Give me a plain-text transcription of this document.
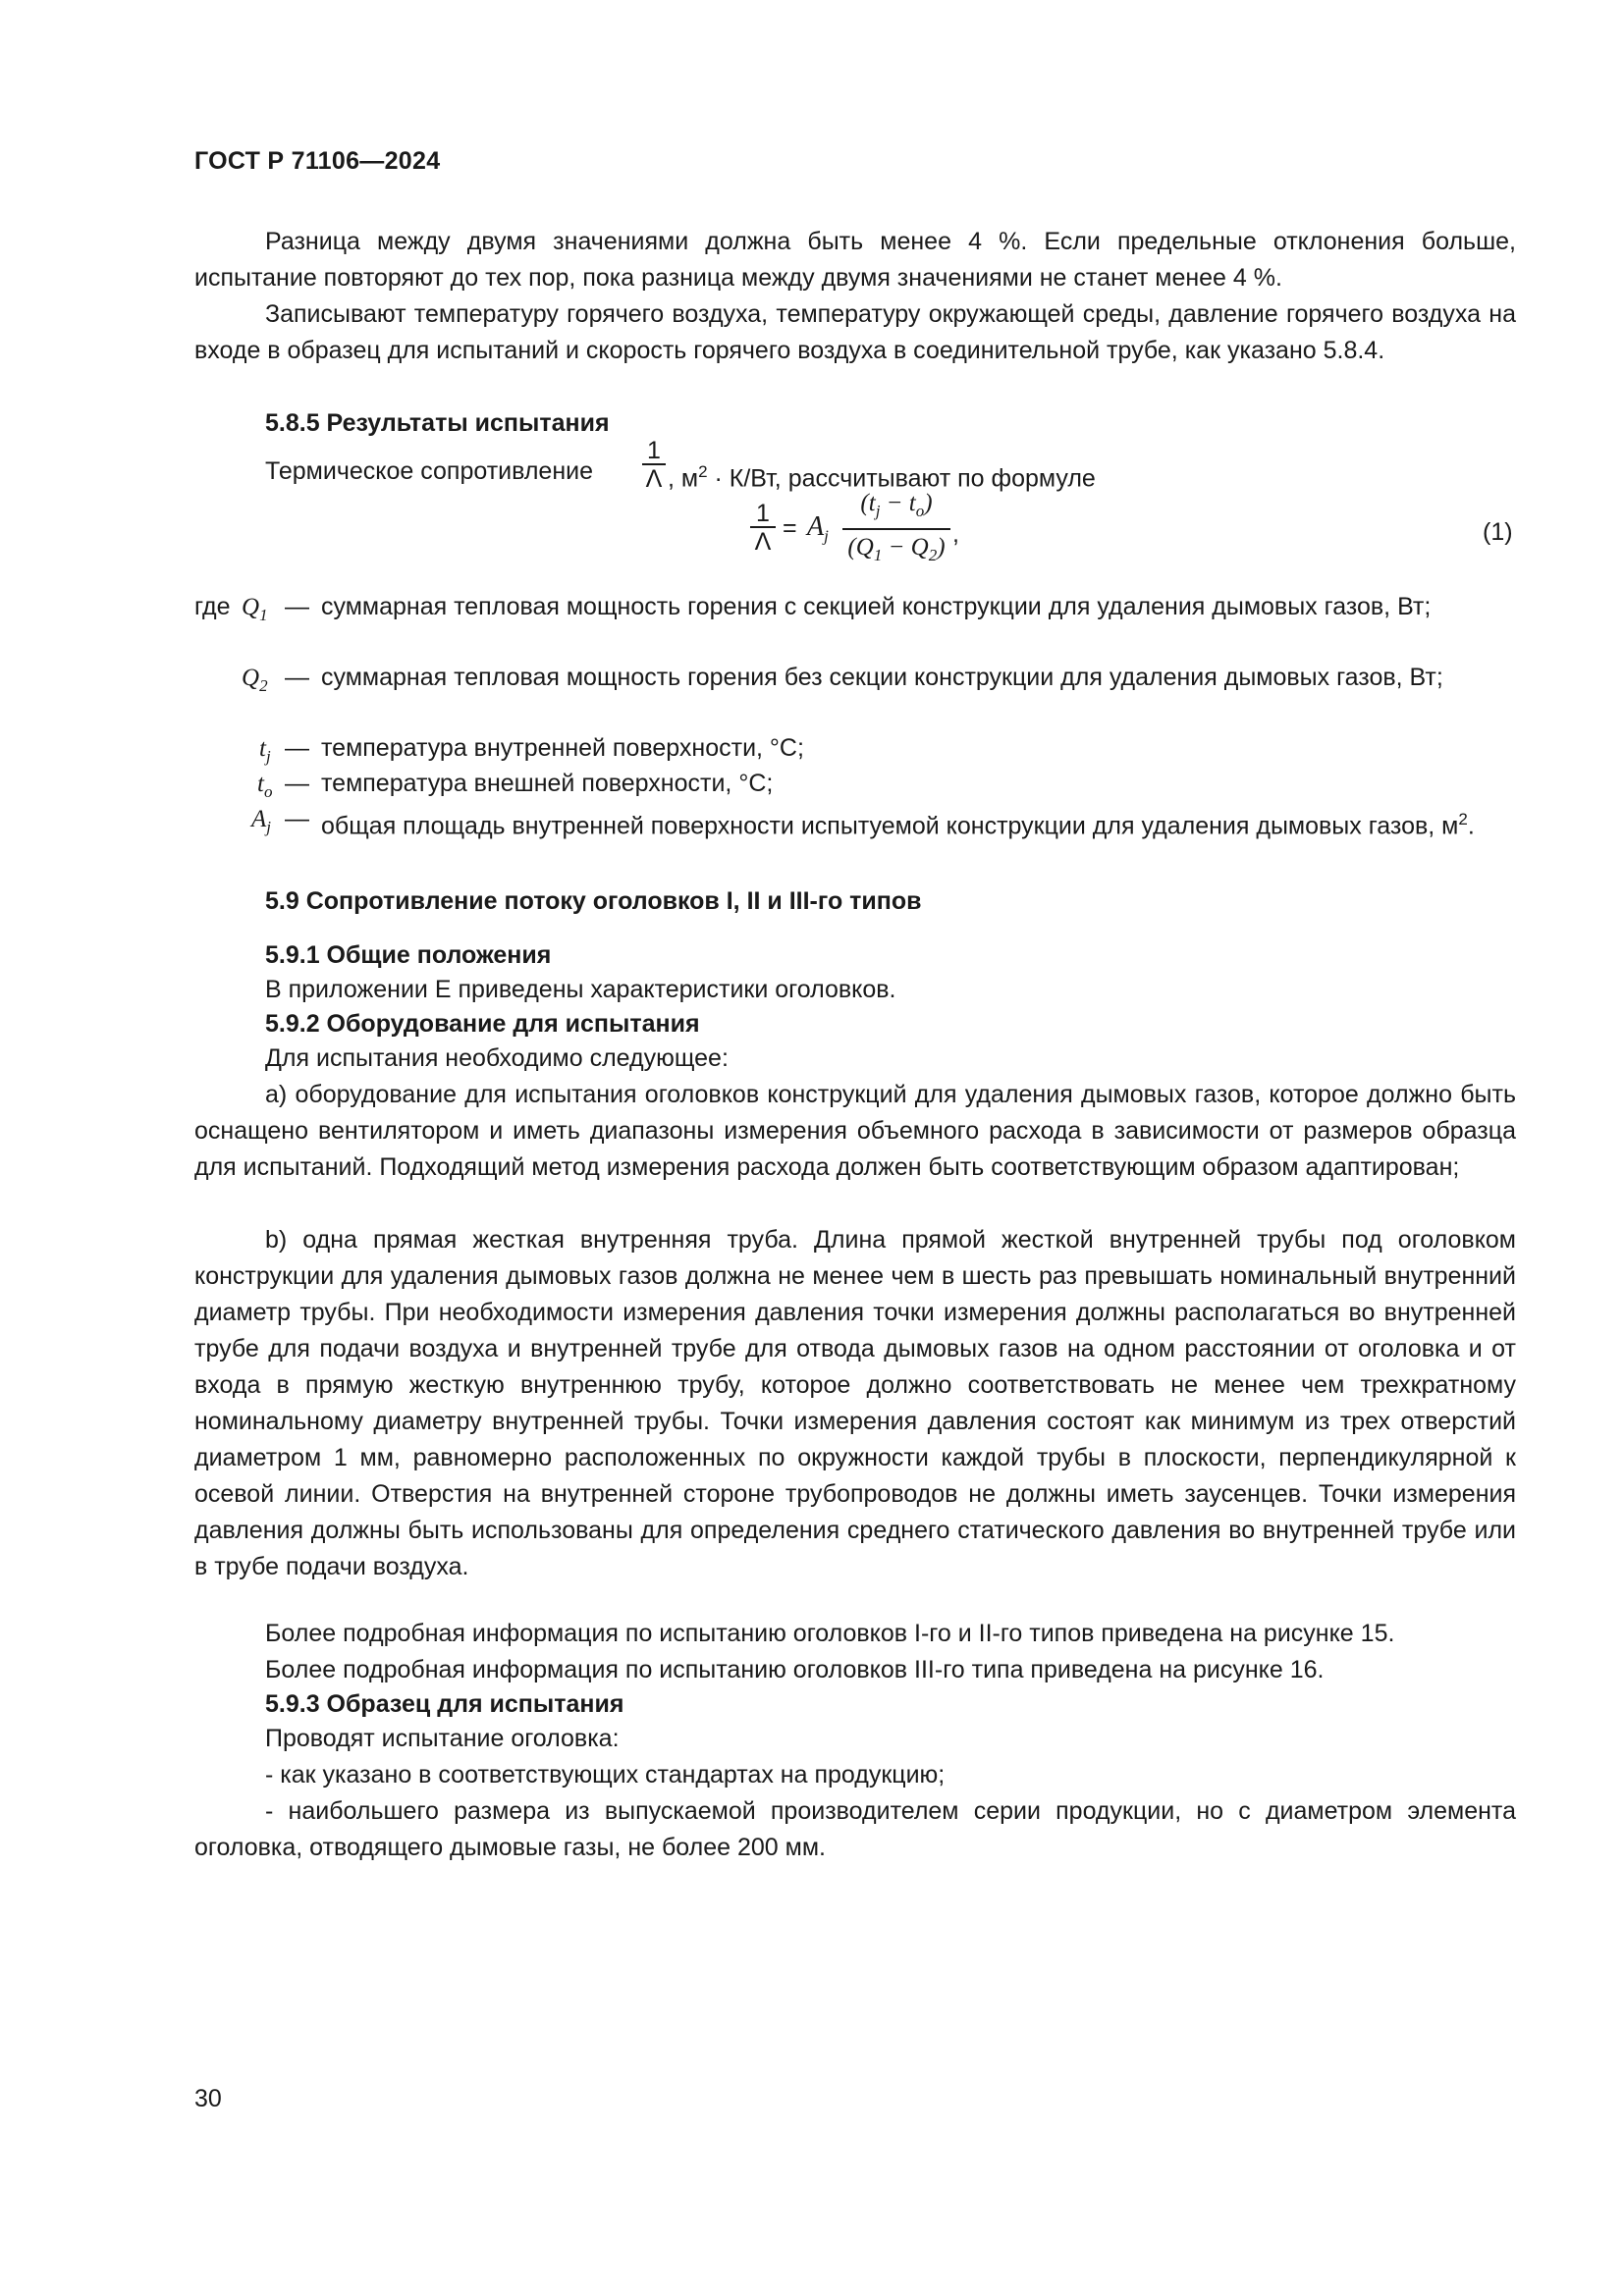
ГОСТ Р 71106—2024

Разница между двумя значениями должна быть менее 4 %. Если предельные отклонения больше, испытание повторяют до тех пор, пока разница между двумя значениями не станет менее 4 %.

Записывают температуру горячего воздуха, температуру окружающей среды, давление горячего воздуха на входе в образец для испытаний и скорость горячего воздуха в соединительной трубе, как указано 5.8.4.

5.8.5 Результаты испытания
Термическое сопротивление	$\frac{1}{\Lambda}$ , $м^2 \cdot К/Вт$, рассчитывают по формуле
$\frac{1}{\Lambda} = A_j \frac{(t_j - t_o)}{(Q_1 - Q_2)}$ ,	(1)
где $Q_1$ — суммарная тепловая мощность горения с секцией конструкции для удаления дымовых газов, Вт;
$Q_2$ — суммарная тепловая мощность горения без секции конструкции для удаления дымовых газов, Вт;
$t_j$ — температура внутренней поверхности, °С;
$t_o$ — температура внешней поверхности, °С;
$A_j$ — общая площадь внутренней поверхности испытуемой конструкции для удаления дымовых газов, $м^2$.
5.9 Сопротивление потоку оголовков I, II и III-го типов
5.9.1 Общие положения
В приложении Е приведены характеристики оголовков.
5.9.2 Оборудование для испытания
Для испытания необходимо следующее:

a) оборудование для испытания оголовков конструкций для удаления дымовых газов, которое должно быть оснащено вентилятором и иметь диапазоны измерения объемного расхода в зависимости от размеров образца для испытаний. Подходящий метод измерения расхода должен быть соответствующим образом адаптирован;

b) одна прямая жесткая внутренняя труба. Длина прямой жесткой внутренней трубы под оголовком конструкции для удаления дымовых газов должна не менее чем в шесть раз превышать номинальный внутренний диаметр трубы. При необходимости измерения давления точки измерения должны располагаться во внутренней трубе для подачи воздуха и внутренней трубе для отвода дымовых газов на одном расстоянии от оголовка и от входа в прямую жесткую внутреннюю трубу, которое должно соответствовать не менее чем трехкратному номинальному диаметру внутренней трубы. Точки измерения давления состоят как минимум из трех отверстий диаметром 1 мм, равномерно расположенных по окружности каждой трубы в плоскости, перпендикулярной к осевой линии. Отверстия на внутренней стороне трубопроводов не должны иметь заусенцев. Точки измерения давления должны быть использованы для определения среднего статического давления во внутренней трубе или в трубе подачи воздуха.

Более подробная информация по испытанию оголовков I-го и II-го типов приведена на рисунке 15.
Более подробная информация по испытанию оголовков III-го типа приведена на рисунке 16.
5.9.3 Образец для испытания
Проводят испытание оголовка:
- как указано в соответствующих стандартах на продукцию;

- наибольшего размера из выпускаемой производителем серии продукции, но с диаметром элемента оголовка, отводящего дымовые газы, не более 200 мм.

30
